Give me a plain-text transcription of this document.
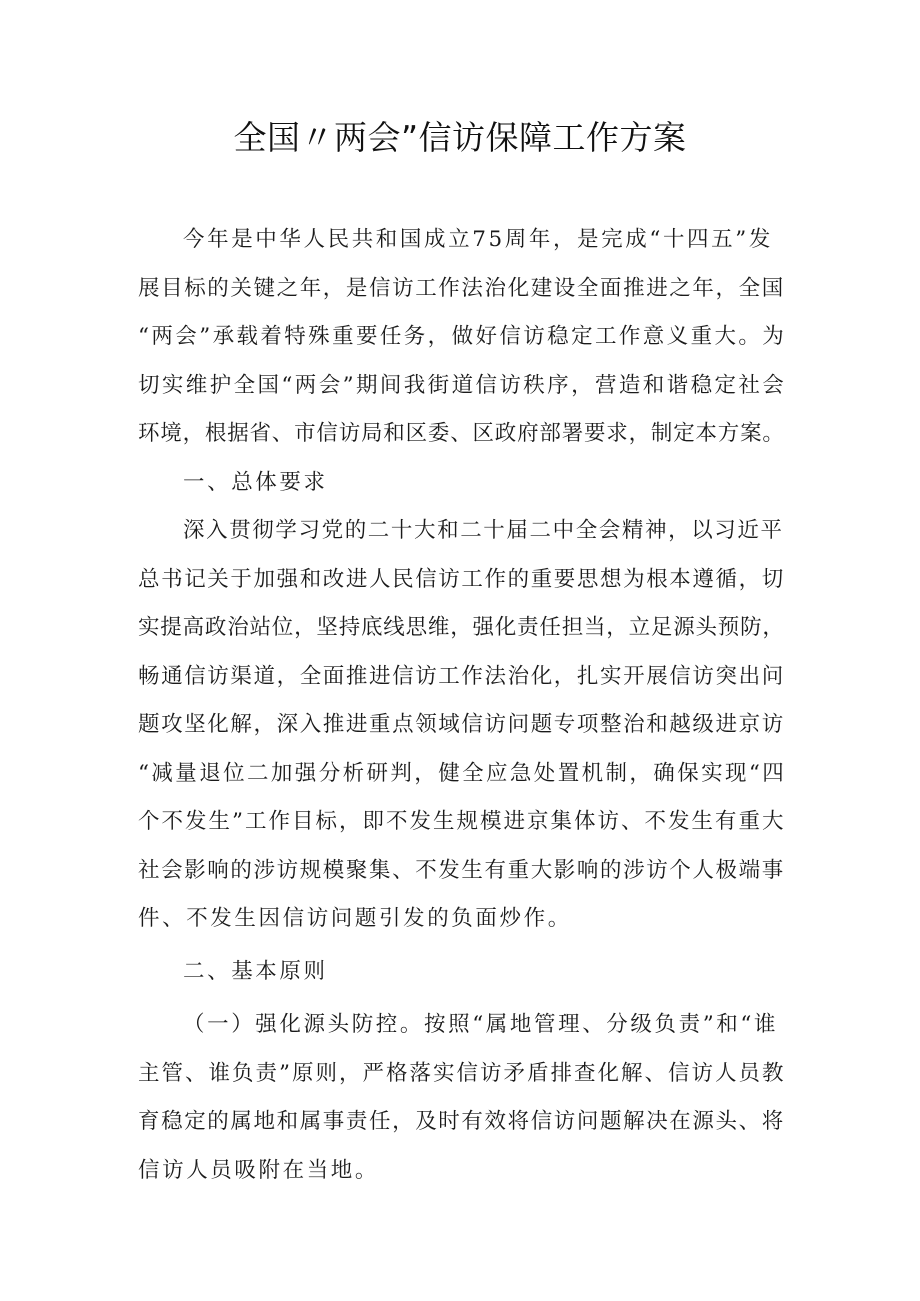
全国〃两会”信访保障工作方案
今年是中华人民共和国成立75周年，是完成“十四五”发
展目标的关键之年，是信访工作法治化建设全面推进之年，全国
“两会”承载着特殊重要任务，做好信访稳定工作意义重大。为
切实维护全国“两会”期间我街道信访秩序，营造和谐稳定社会
环境，根据省、市信访局和区委、区政府部署要求，制定本方案。
一、总体要求
深入贯彻学习党的二十大和二十届二中全会精神，以习近平
总书记关于加强和改进人民信访工作的重要思想为根本遵循，切
实提高政治站位，坚持底线思维，强化责任担当，立足源头预防，
畅通信访渠道，全面推进信访工作法治化，扎实开展信访突出问
题攻坚化解，深入推进重点领域信访问题专项整治和越级进京访
“减量退位二加强分析研判，健全应急处置机制，确保实现“四
个不发生”工作目标，即不发生规模进京集体访、不发生有重大
社会影响的涉访规模聚集、不发生有重大影响的涉访个人极端事
件、不发生因信访问题引发的负面炒作。
二、基本原则
（一）强化源头防控。按照“属地管理、分级负责”和“谁
主管、谁负责”原则，严格落实信访矛盾排查化解、信访人员教
育稳定的属地和属事责任，及时有效将信访问题解决在源头、将
信访人员吸附在当地。
